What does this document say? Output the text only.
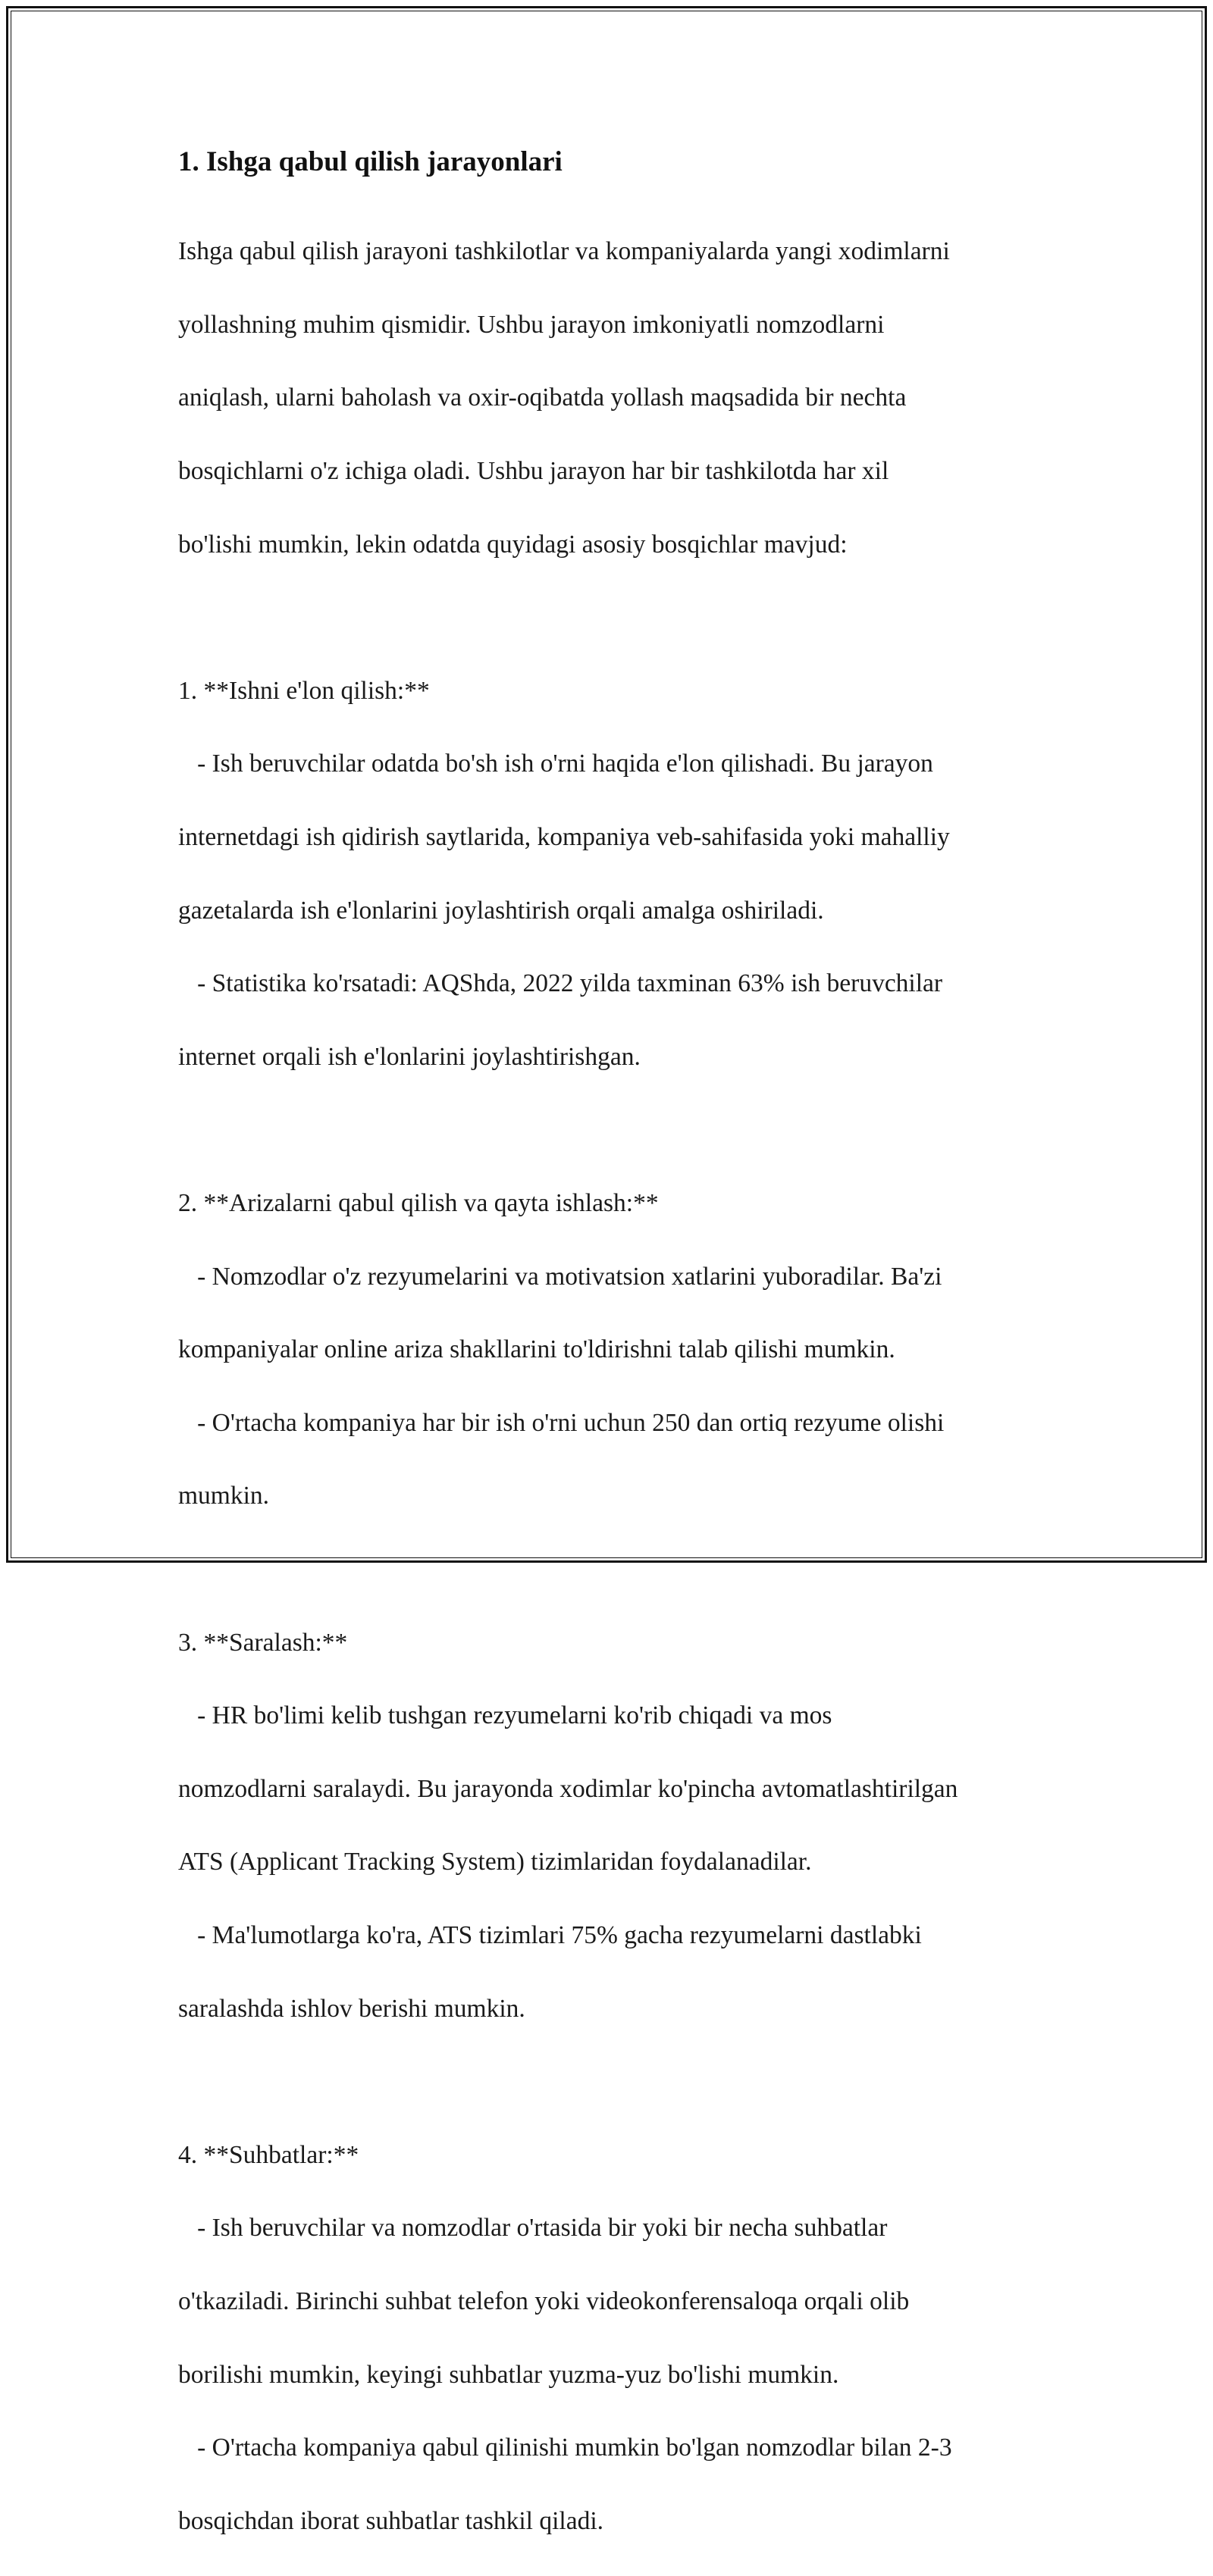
1. Ishga qabul qilish jarayonlari

Ishga qabul qilish jarayoni tashkilotlar va kompaniyalarda yangi xodimlarni

yollashning muhim qismidir. Ushbu jarayon imkoniyatli nomzodlarni

aniqlash, ularni baholash va oxir-oqibatda yollash maqsadida bir nechta

bosqichlarni o'z ichiga oladi. Ushbu jarayon har bir tashkilotda har xil

bo'lishi mumkin, lekin odatda quyidagi asosiy bosqichlar mavjud:

1. **Ishni e'lon qilish:**

- Ish beruvchilar odatda bo'sh ish o'rni haqida e'lon qilishadi. Bu jarayon

internetdagi ish qidirish saytlarida, kompaniya veb-sahifasida yoki mahalliy

gazetalarda ish e'lonlarini joylashtirish orqali amalga oshiriladi.

- Statistika ko'rsatadi: AQShda, 2022 yilda taxminan 63% ish beruvchilar

internet orqali ish e'lonlarini joylashtirishgan.

2. **Arizalarni qabul qilish va qayta ishlash:**

- Nomzodlar o'z rezyumelarini va motivatsion xatlarini yuboradilar. Ba'zi

kompaniyalar online ariza shakllarini to'ldirishni talab qilishi mumkin.

- O'rtacha kompaniya har bir ish o'rni uchun 250 dan ortiq rezyume olishi

mumkin.

3. **Saralash:**

- HR bo'limi kelib tushgan rezyumelarni ko'rib chiqadi va mos

nomzodlarni saralaydi. Bu jarayonda xodimlar ko'pincha avtomatlashtirilgan

ATS (Applicant Tracking System) tizimlaridan foydalanadilar.

- Ma'lumotlarga ko'ra, ATS tizimlari 75% gacha rezyumelarni dastlabki

saralashda ishlov berishi mumkin.

4. **Suhbatlar:**

- Ish beruvchilar va nomzodlar o'rtasida bir yoki bir necha suhbatlar

o'tkaziladi. Birinchi suhbat telefon yoki videokonferensaloqa orqali olib

borilishi mumkin, keyingi suhbatlar yuzma-yuz bo'lishi mumkin.

- O'rtacha kompaniya qabul qilinishi mumkin bo'lgan nomzodlar bilan 2-3

bosqichdan iborat suhbatlar tashkil qiladi.
